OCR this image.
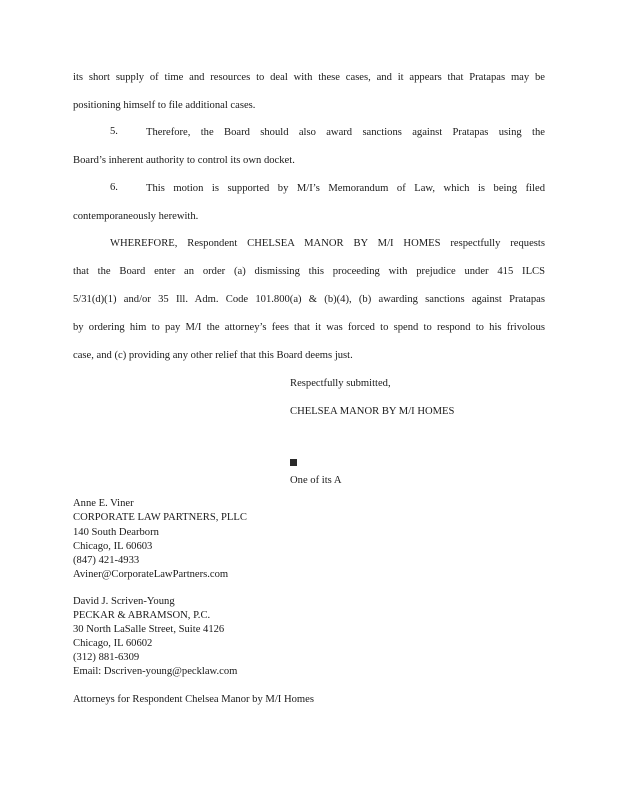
its short supply of time and resources to deal with these cases, and it appears that Pratapas may be
positioning himself to file additional cases.
5.	Therefore, the Board should also award sanctions against Pratapas using the
Board’s inherent authority to control its own docket.
6.	This motion is supported by M/I’s Memorandum of Law, which is being filed
contemporaneously herewith.
WHEREFORE, Respondent CHELSEA MANOR BY M/I HOMES respectfully requests
that the Board enter an order (a) dismissing this proceeding with prejudice under 415 ILCS
5/31(d)(1) and/or 35 Ill. Adm. Code 101.800(a) & (b)(4), (b) awarding sanctions against Pratapas
by ordering him to pay M/I the attorney’s fees that it was forced to spend to respond to his frivolous
case, and (c) providing any other relief that this Board deems just.
Respectfully submitted,
CHELSEA MANOR BY M/I HOMES
One of its A
Anne E. Viner
CORPORATE LAW PARTNERS, PLLC
140 South Dearborn
Chicago, IL 60603
(847) 421-4933
Aviner@CorporateLawPartners.com
David J. Scriven-Young
PECKAR & ABRAMSON, P.C.
30 North LaSalle Street, Suite 4126
Chicago, IL 60602
(312) 881-6309
Email: Dscriven-young@pecklaw.com
Attorneys for Respondent Chelsea Manor by M/I Homes
